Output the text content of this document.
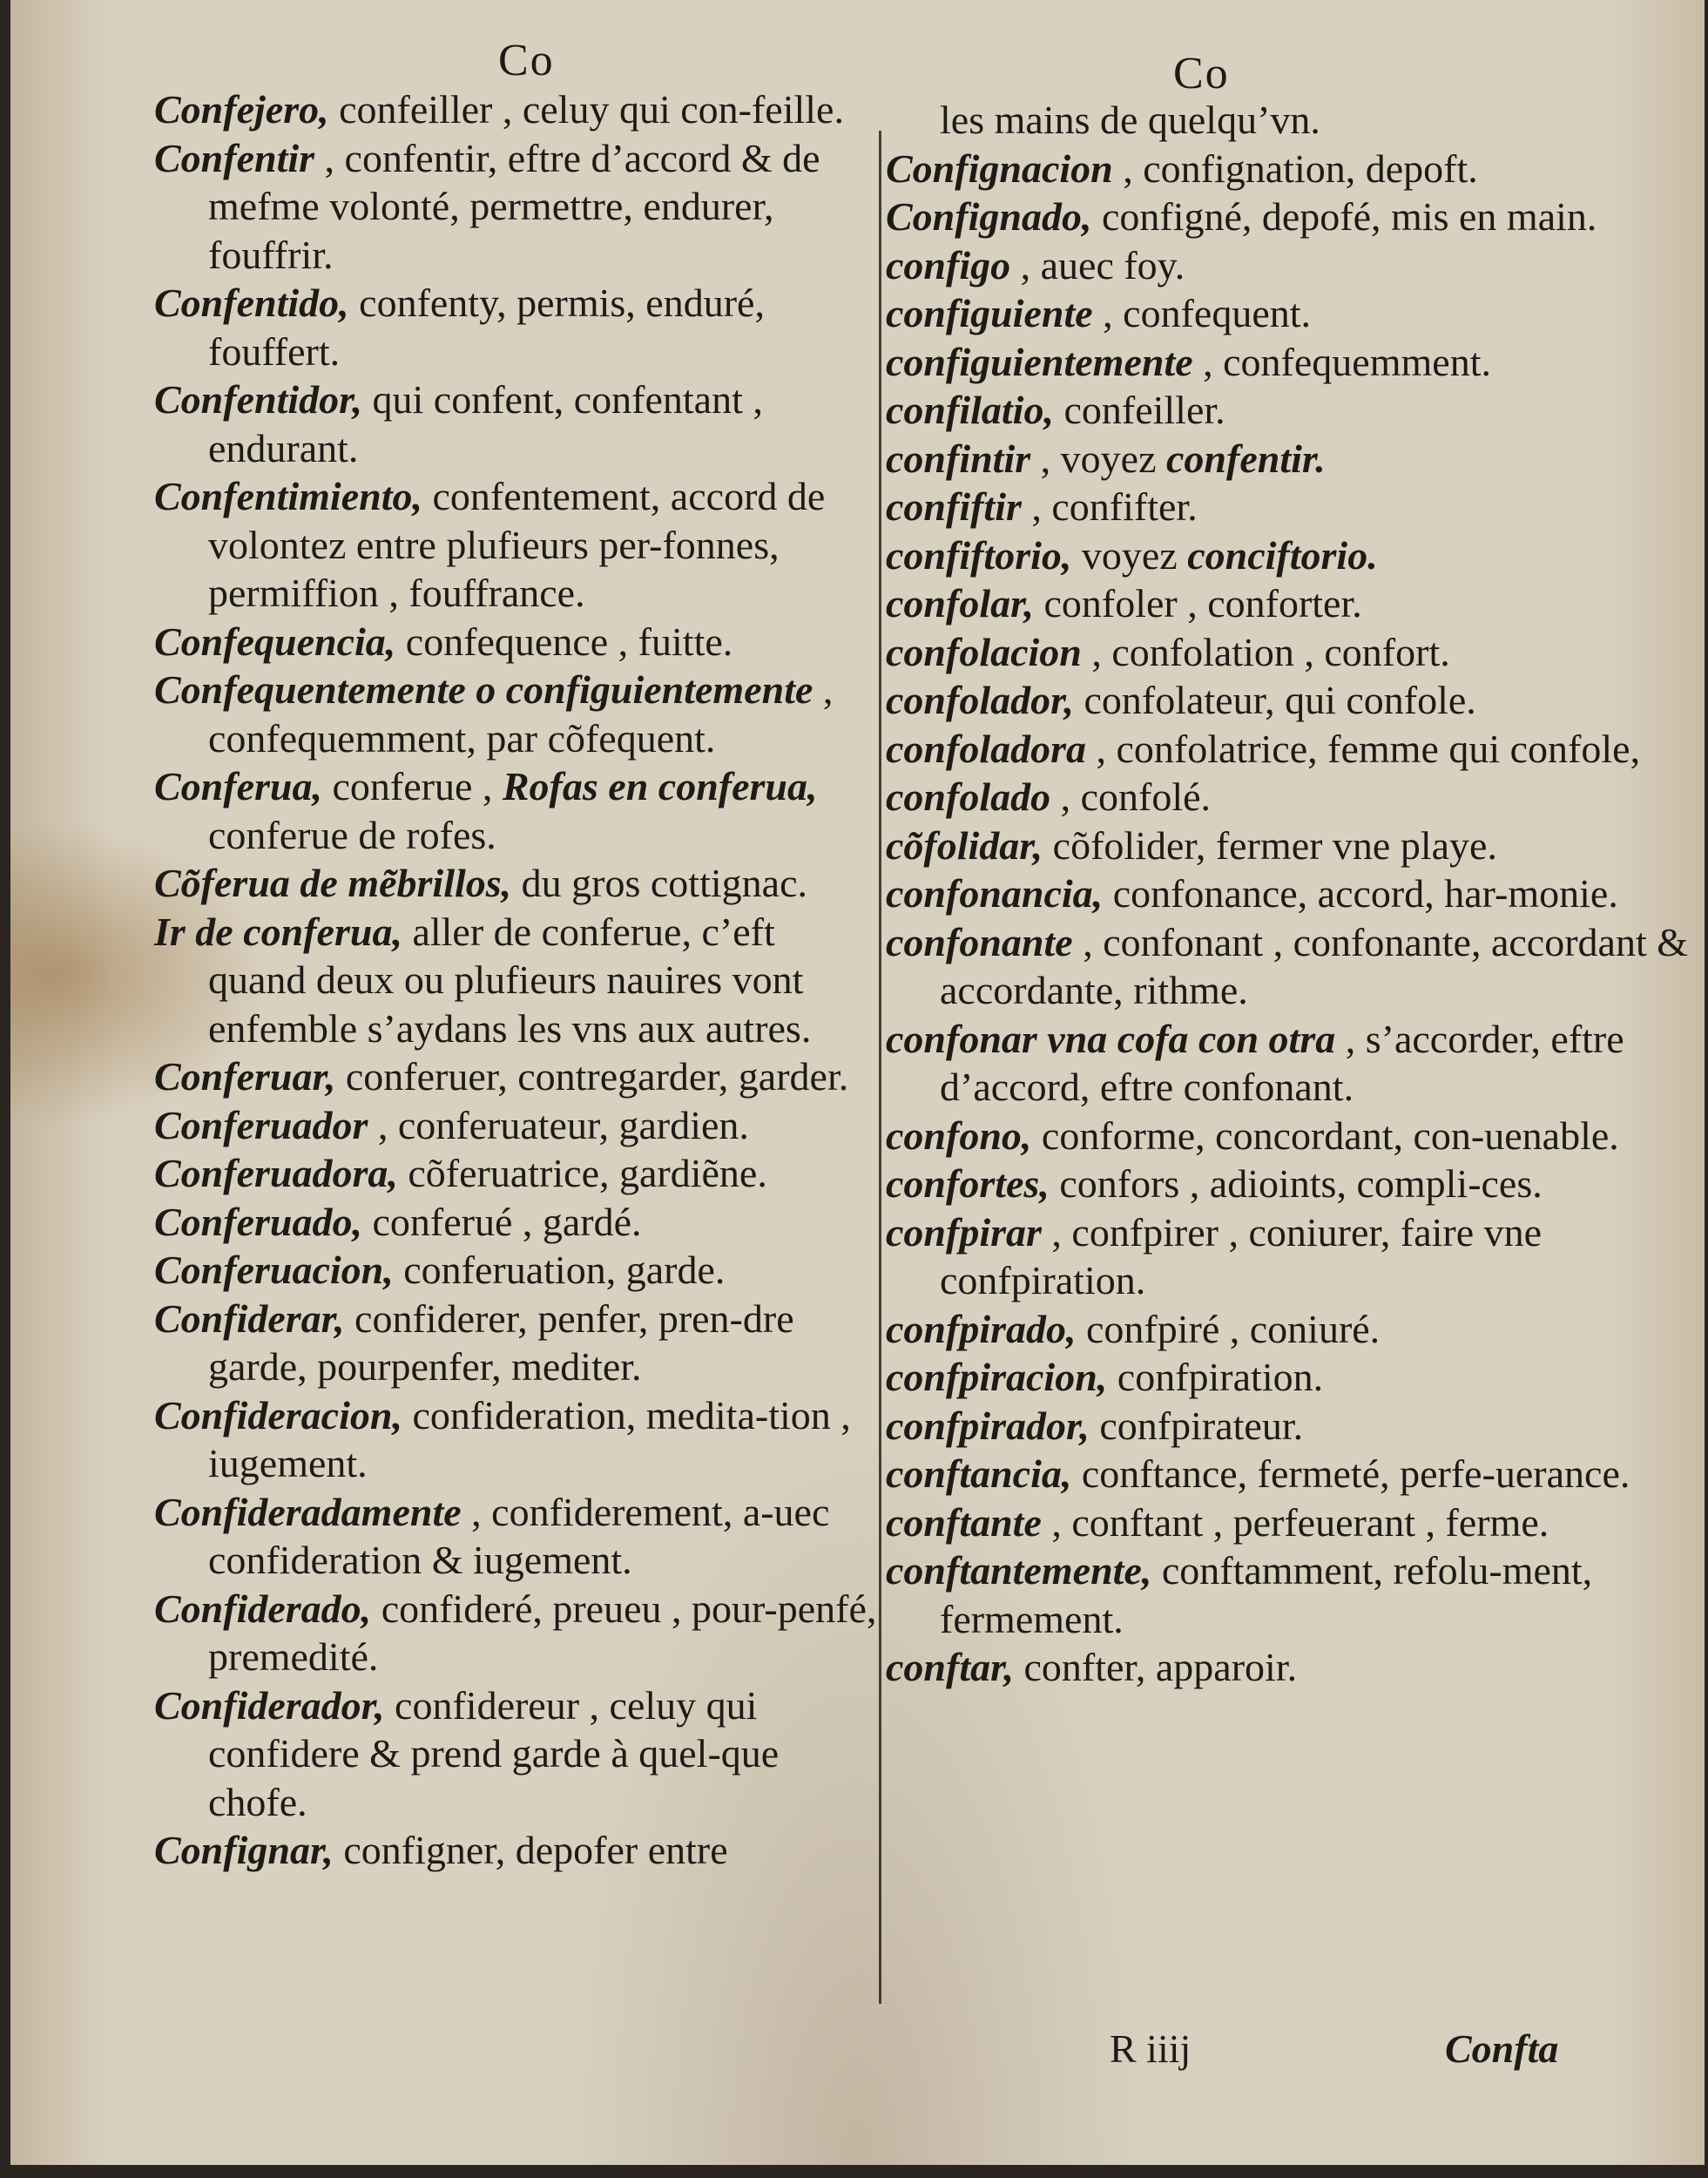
Co	Co

Confejero, confeiller , celuy qui con-feille.

Confentir , confentir, eftre d’accord & de mefme volonté, permettre, endurer, fouffrir.

Confentido, confenty, permis, enduré, fouffert.

Confentidor, qui confent, confentant , endurant.

Confentimiento, confentement, accord de volontez entre plufieurs per-fonnes, permiffion , fouffrance.

Confequencia, confequence , fuitte.

Confequentemente o configuientemente , confequemment, par cõfequent.

Conferua, conferue , Rofas en conferua, conferue de rofes.

Cõferua de mẽbrillos, du gros cottignac.

Ir de conferua, aller de conferue, c’eft quand deux ou plufieurs nauires vont enfemble s’aydans les vns aux autres.

Conferuar, conferuer, contregarder, garder.

Conferuador , conferuateur, gardien.

Conferuadora, cõferuatrice, gardiẽne.

Conferuado, conferué , gardé.

Conferuacion, conferuation, garde.

Confiderar, confiderer, penfer, pren-dre garde, pourpenfer, mediter.

Confideracion, confideration, medita-tion , iugement.

Confideradamente , confiderement, a-uec confideration & iugement.

Confiderado, confideré, preueu , pour-penfé, premedité.

Confiderador, confidereur , celuy qui confidere & prend garde à quel-que chofe.

Confignar, configner, depofer entre

les mains de quelqu’vn.

Confignacion , confignation, depoft.

Confignado, configné, depofé, mis en main.

configo , auec foy.

configuiente , confequent.

configuientemente , confequemment.

confilatio, confeiller.

confintir , voyez confentir.

confiftir , confifter.

confiftorio, voyez conciftorio.

confolar, confoler , conforter.

confolacion , confolation , confort.

confolador, confolateur, qui confole.

confoladora , confolatrice, femme qui confole,

confolado , confolé.

cõfolidar, cõfolider, fermer vne playe.

confonancia, confonance, accord, har-monie.

confonante , confonant , confonante, accordant & accordante, rithme.

confonar vna cofa con otra , s’accorder, eftre d’accord, eftre confonant.

confono, conforme, concordant, con-uenable.

confortes, confors , adioints, compli-ces.

confpirar , confpirer , coniurer, faire vne confpiration.

confpirado, confpiré , coniuré.

confpiracion, confpiration.

confpirador, confpirateur.

conftancia, conftance, fermeté, perfe-uerance.

conftante , conftant , perfeuerant , ferme.

conftantemente, conftamment, refolu-ment, fermement.

conftar, confter, apparoir.

R iiij	Confta
